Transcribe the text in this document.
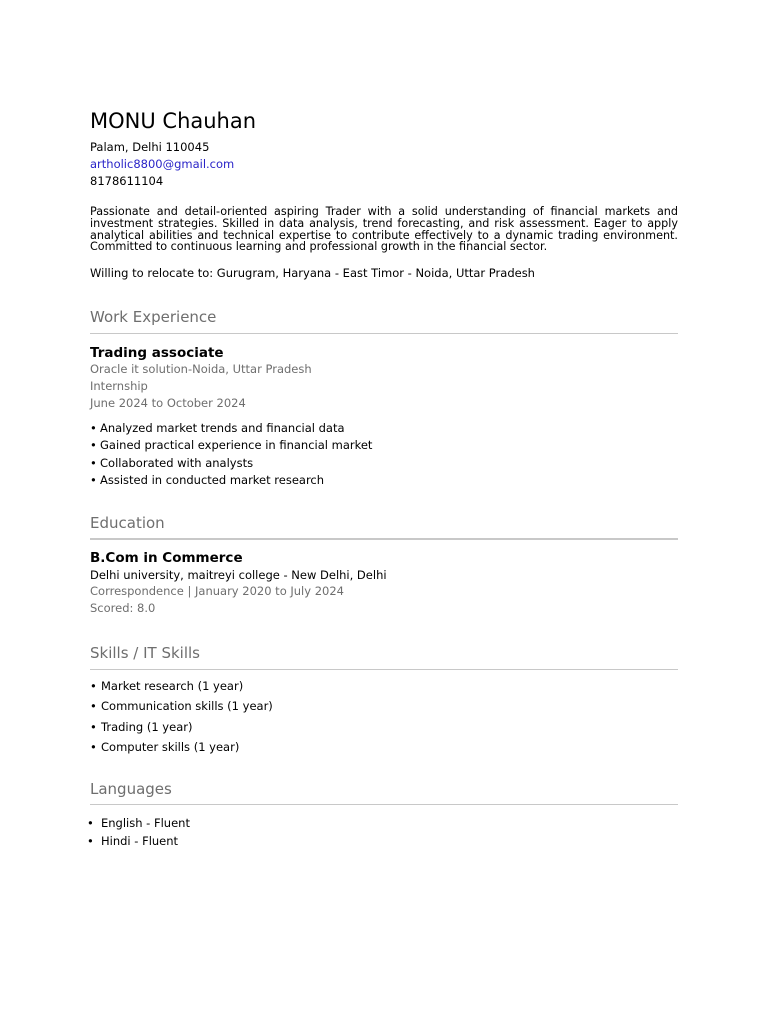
MONU Chauhan
Palam, Delhi 110045
artholic8800@gmail.com
8178611104
Passionate and detail-oriented aspiring Trader with a solid understanding of financial markets and investment strategies. Skilled in data analysis, trend forecasting, and risk assessment. Eager to apply analytical abilities and technical expertise to contribute effectively to a dynamic trading environment. Committed to continuous learning and professional growth in the financial sector.
Willing to relocate to: Gurugram, Haryana - East Timor - Noida, Uttar Pradesh
Work Experience
Trading associate
Oracle it solution-Noida, Uttar Pradesh
Internship
June 2024 to October 2024
• Analyzed market trends and financial data
• Gained practical experience in financial market
• Collaborated with analysts
• Assisted in conducted market research
Education
B.Com in Commerce
Delhi university, maitreyi college - New Delhi, Delhi
Correspondence | January 2020 to July 2024
Scored: 8.0
Skills / IT Skills
• Market research (1 year)
• Communication skills (1 year)
• Trading (1 year)
• Computer skills (1 year)
Languages
• English - Fluent
• Hindi - Fluent
